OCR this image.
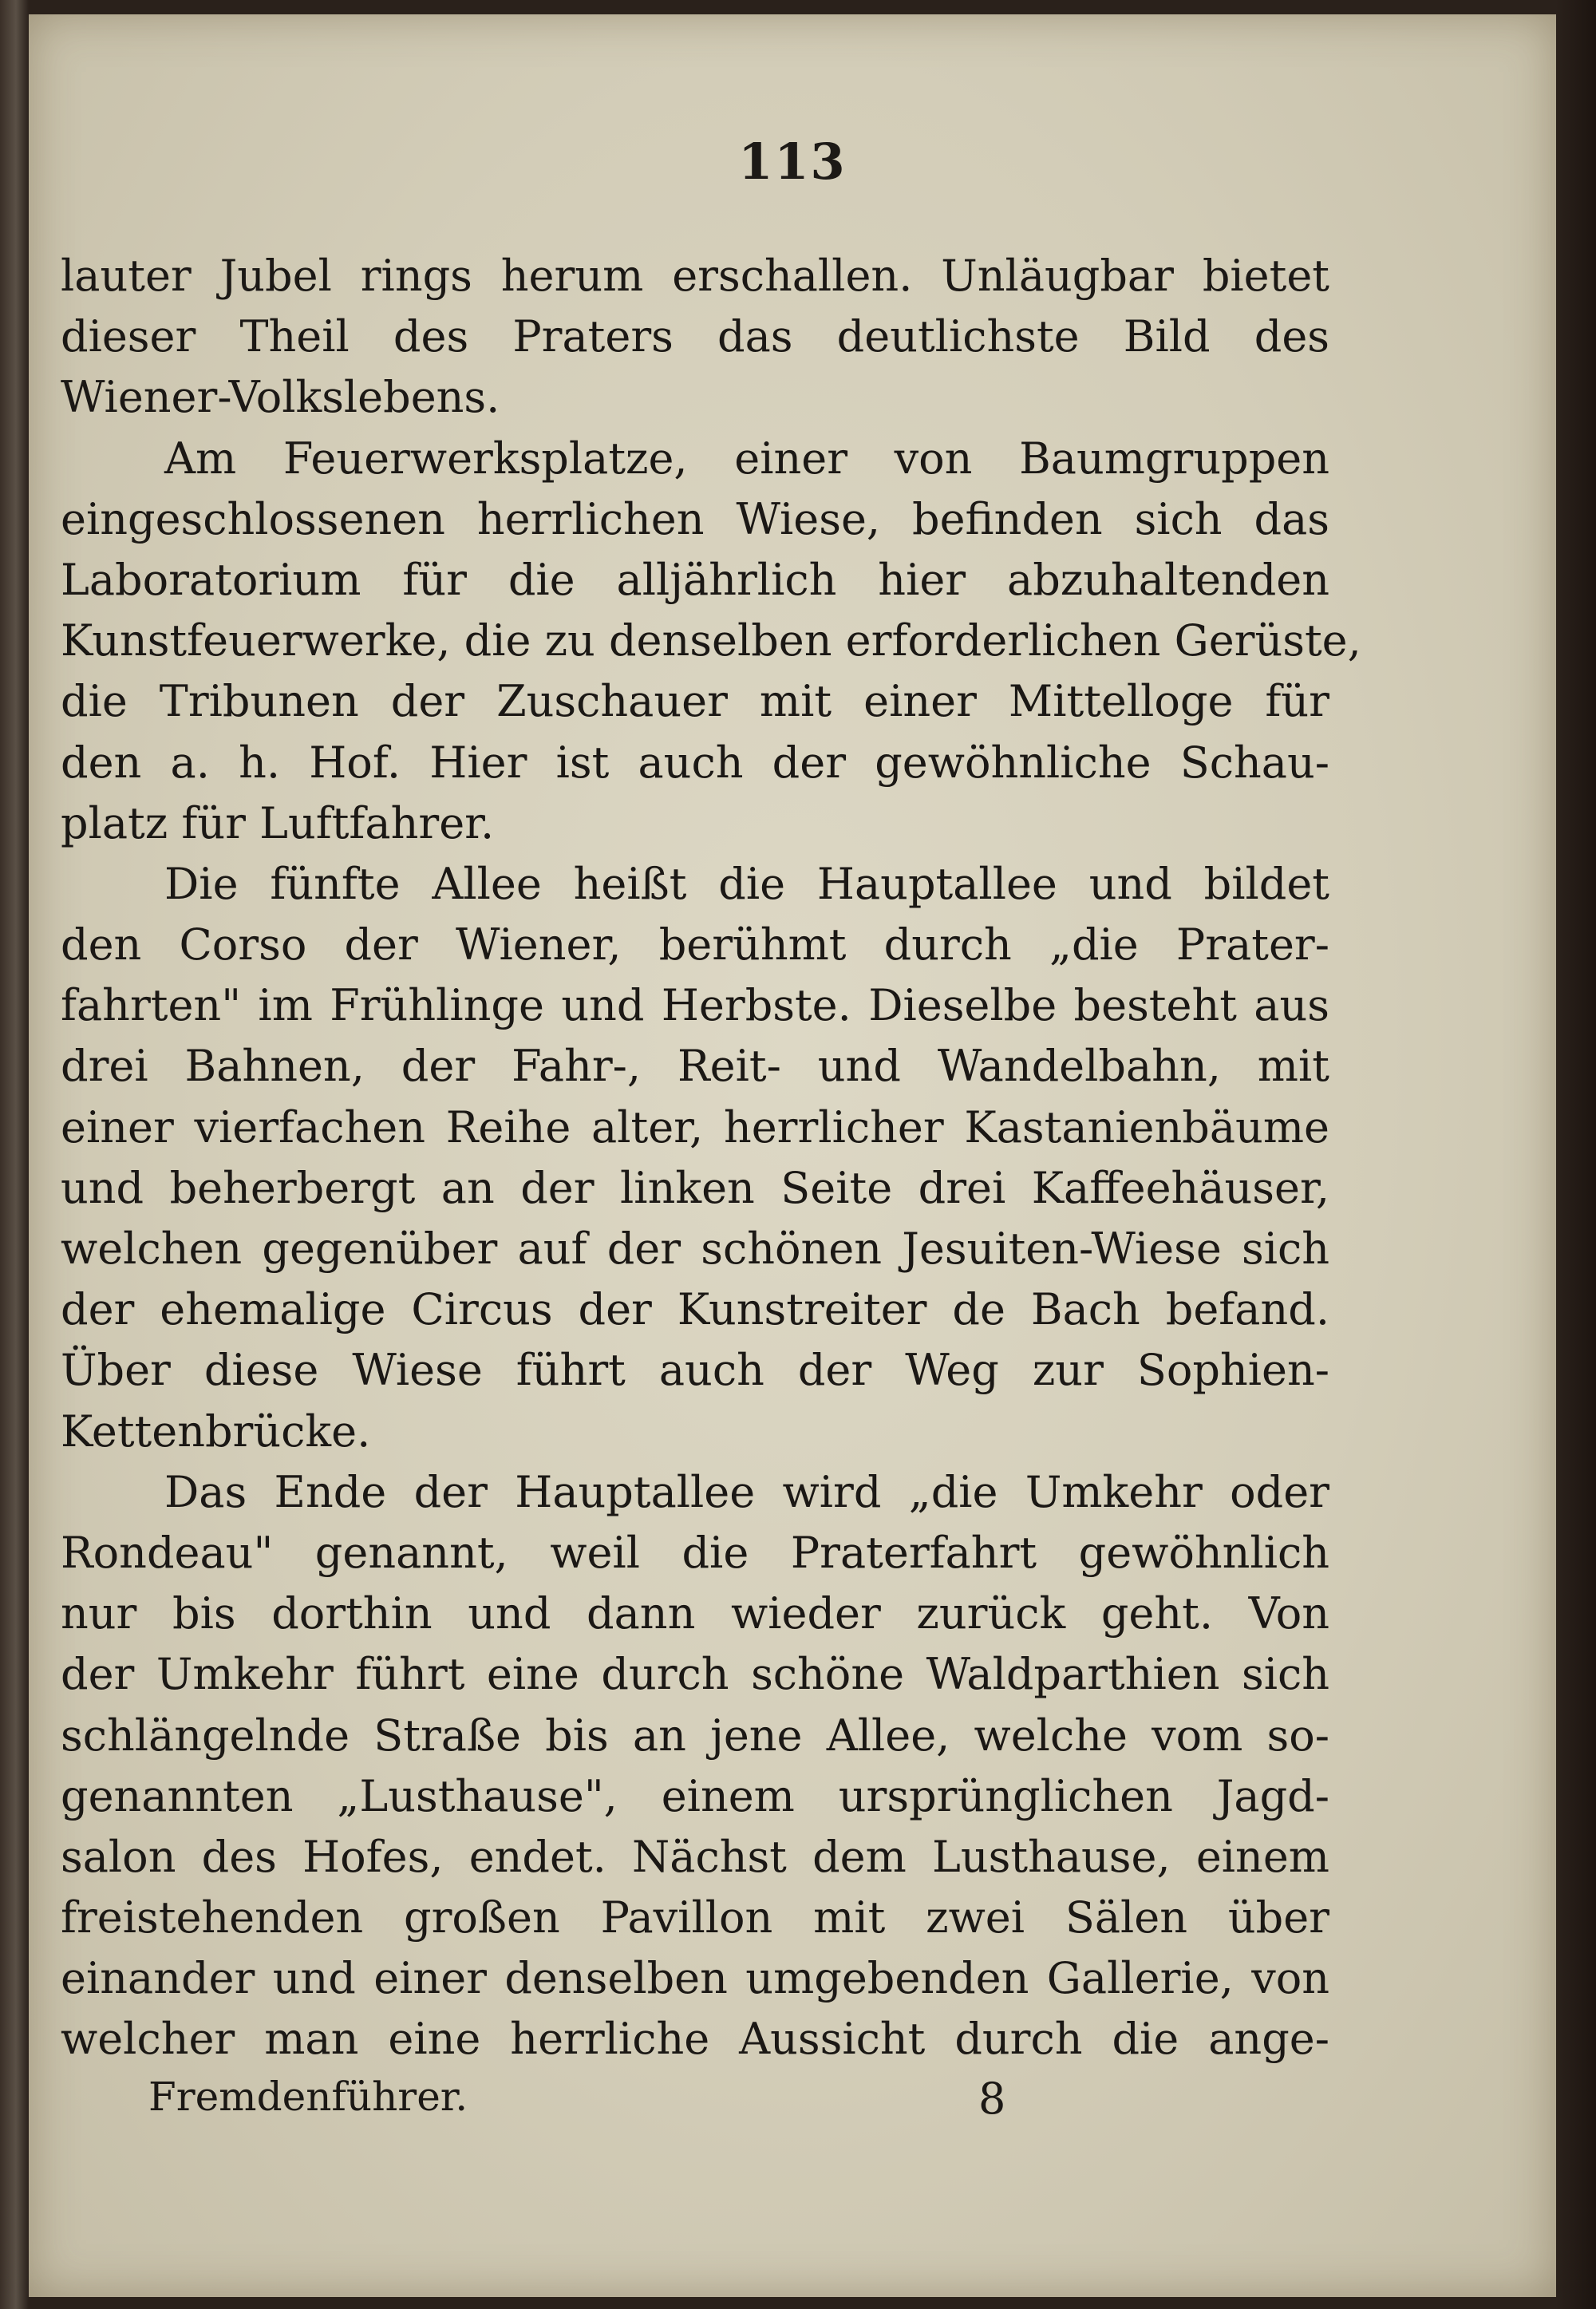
113
lauter Jubel rings herum erschallen. Unläugbar bietet
dieser Theil des Praters das deutlichste Bild des
Wiener-Volkslebens.
Am Feuerwerksplatze, einer von Baumgruppen
eingeschlossenen herrlichen Wiese, befinden sich das
Laboratorium für die alljährlich hier abzuhaltenden
Kunstfeuerwerke, die zu denselben erforderlichen Gerüste,
die Tribunen der Zuschauer mit einer Mittelloge für
den a. h. Hof. Hier ist auch der gewöhnliche Schau-
platz für Luftfahrer.
Die fünfte Allee heißt die Hauptallee und bildet
den Corso der Wiener, berühmt durch „die Prater-
fahrten" im Frühlinge und Herbste. Dieselbe besteht aus
drei Bahnen, der Fahr-, Reit- und Wandelbahn, mit
einer vierfachen Reihe alter, herrlicher Kastanienbäume
und beherbergt an der linken Seite drei Kaffeehäuser,
welchen gegenüber auf der schönen Jesuiten-Wiese sich
der ehemalige Circus der Kunstreiter de Bach befand.
Über diese Wiese führt auch der Weg zur Sophien-
Kettenbrücke.
Das Ende der Hauptallee wird „die Umkehr oder
Rondeau" genannt, weil die Praterfahrt gewöhnlich
nur bis dorthin und dann wieder zurück geht. Von
der Umkehr führt eine durch schöne Waldparthien sich
schlängelnde Straße bis an jene Allee, welche vom so-
genannten „Lusthause", einem ursprünglichen Jagd-
salon des Hofes, endet. Nächst dem Lusthause, einem
freistehenden großen Pavillon mit zwei Sälen über
einander und einer denselben umgebenden Gallerie, von
welcher man eine herrliche Aussicht durch die ange-
Fremdenführer.	8
